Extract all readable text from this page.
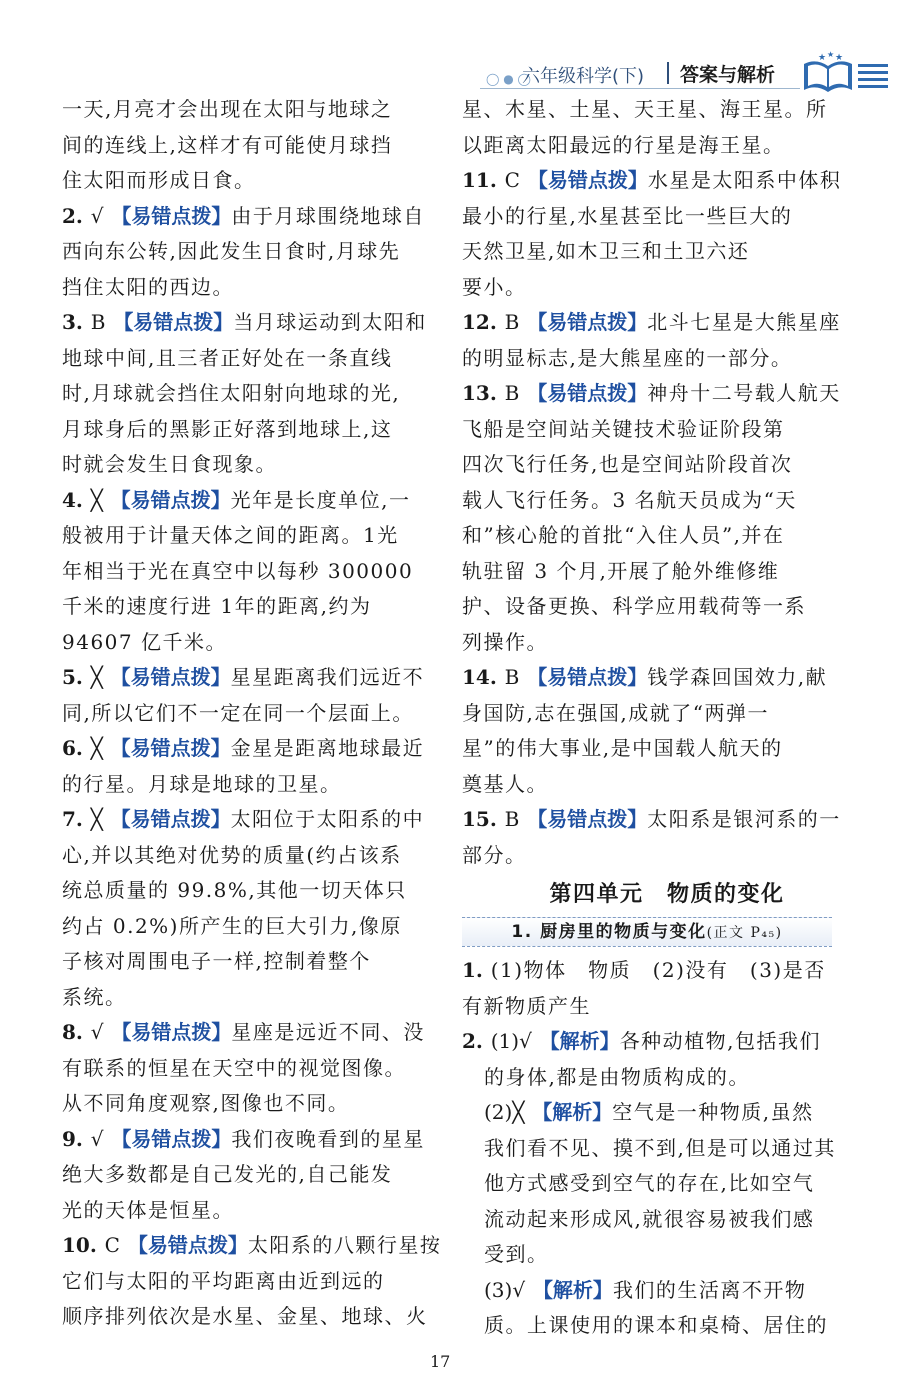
◯ ● ◯
六年级科学(下) 答案与解析
★ ★ ★
一天,月亮才会出现在太阳与地球之
间的连线上,这样才有可能使月球挡
住太阳而形成日食。
2. √ 【易错点拨】由于月球围绕地球自
西向东公转,因此发生日食时,月球先
挡住太阳的西边。
3. B 【易错点拨】当月球运动到太阳和
地球中间,且三者正好处在一条直线
时,月球就会挡住太阳射向地球的光,
月球身后的黑影正好落到地球上,这
时就会发生日食现象。
4. ╳ 【易错点拨】光年是长度单位,一
般被用于计量天体之间的距离。1光
年相当于光在真空中以每秒 300000
千米的速度行进 1年的距离,约为
94607 亿千米。
5. ╳ 【易错点拨】星星距离我们远近不
同,所以它们不一定在同一个层面上。
6. ╳ 【易错点拨】金星是距离地球最近
的行星。月球是地球的卫星。
7. ╳ 【易错点拨】太阳位于太阳系的中
心,并以其绝对优势的质量(约占该系
统总质量的 99.8%,其他一切天体只
约占 0.2%)所产生的巨大引力,像原
子核对周围电子一样,控制着整个
系统。
8. √ 【易错点拨】星座是远近不同、没
有联系的恒星在天空中的视觉图像。
从不同角度观察,图像也不同。
9. √ 【易错点拨】我们夜晚看到的星星
绝大多数都是自己发光的,自己能发
光的天体是恒星。
10. C 【易错点拨】太阳系的八颗行星按
它们与太阳的平均距离由近到远的
顺序排列依次是水星、金星、地球、火
星、木星、土星、天王星、海王星。所
以距离太阳最远的行星是海王星。
11. C 【易错点拨】水星是太阳系中体积
最小的行星,水星甚至比一些巨大的
天然卫星,如木卫三和土卫六还
要小。
12. B 【易错点拨】北斗七星是大熊星座
的明显标志,是大熊星座的一部分。
13. B 【易错点拨】神舟十二号载人航天
飞船是空间站关键技术验证阶段第
四次飞行任务,也是空间站阶段首次
载人飞行任务。3 名航天员成为“天
和”核心舱的首批“入住人员”,并在
轨驻留 3 个月,开展了舱外维修维
护、设备更换、科学应用载荷等一系
列操作。
14. B 【易错点拨】钱学森回国效力,献
身国防,志在强国,成就了“两弹一
星”的伟大事业,是中国载人航天的
奠基人。
15. B 【易错点拨】太阳系是银河系的一
部分。
第四单元　物质的变化
1. 厨房里的物质与变化(正文 P₄₅)
1. (1)物体　物质　(2)没有　(3)是否
有新物质产生
2. (1)√ 【解析】各种动植物,包括我们
的身体,都是由物质构成的。
(2)╳ 【解析】空气是一种物质,虽然
我们看不见、摸不到,但是可以通过其
他方式感受到空气的存在,比如空气
流动起来形成风,就很容易被我们感
受到。
(3)√ 【解析】我们的生活离不开物
质。上课使用的课本和桌椅、居住的
17
